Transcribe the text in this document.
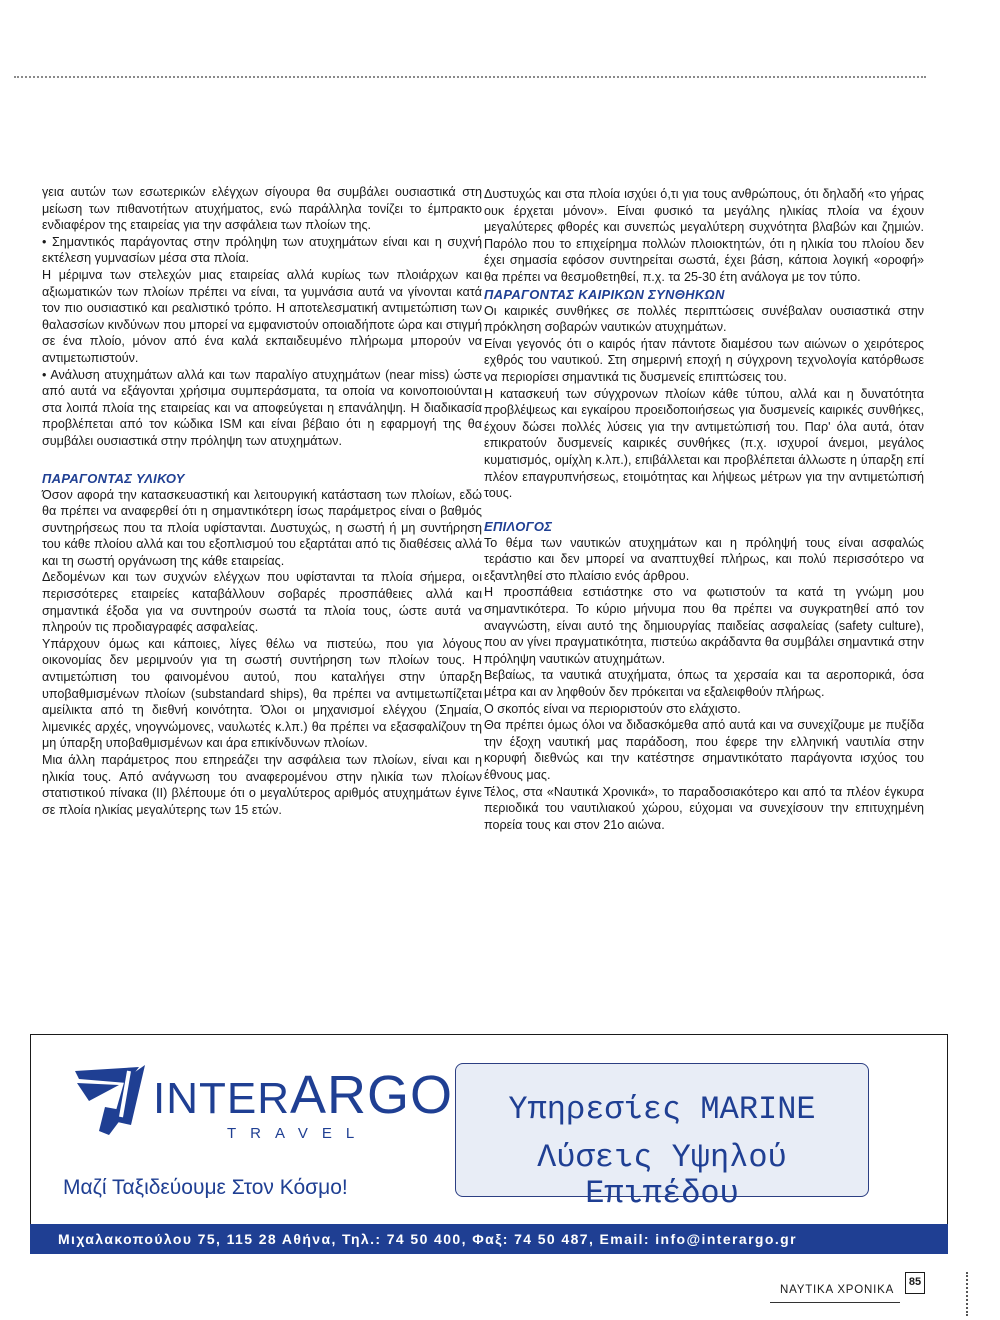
γεια αυτών των εσωτερικών ελέγχων σίγουρα θα συμβάλει ουσιαστικά στη μείωση των πιθανοτήτων ατυχήματος, ενώ παράλληλα τονίζει το έμπρακτο ενδιαφέρον της εταιρείας για την ασφάλεια των πλοίων της.

• Σημαντικός παράγοντας στην πρόληψη των ατυχημάτων είναι και η συχνή εκτέλεση γυμνασίων μέσα στα πλοία.

Η μέριμνα των στελεχών μιας εταιρείας αλλά κυρίως των πλοιάρχων και αξιωματικών των πλοίων πρέπει να είναι, τα γυμνάσια αυτά να γίνονται κατά τον πιο ουσιαστικό και ρεαλιστικό τρόπο. Η αποτελεσματική αντιμετώπιση των θαλασσίων κινδύνων που μπορεί να εμφανιστούν οποιαδήποτε ώρα και στιγμή σε ένα πλοίο, μόνον από ένα καλά εκπαιδευμένο πλήρωμα μπορούν να αντιμετωπιστούν.

• Ανάλυση ατυχημάτων αλλά και των παραλίγο ατυχημάτων (near miss) ώστε από αυτά να εξάγονται χρήσιμα συμπεράσματα, τα οποία να κοινοποιούνται στα λοιπά πλοία της εταιρείας και να αποφεύγεται η επανάληψη. Η διαδικασία προβλέπεται από τον κώδικα ISM και είναι βέβαιο ότι η εφαρμογή της θα συμβάλει ουσιαστικά στην πρόληψη των ατυχημάτων.

ΠΑΡΑΓΟΝΤΑΣ ΥΛΙΚΟΥ

Όσον αφορά την κατασκευαστική και λειτουργική κατάσταση των πλοίων, εδώ θα πρέπει να αναφερθεί ότι η σημαντικότερη ίσως παράμετρος είναι ο βαθμός συντηρήσεως που τα πλοία υφίστανται. Δυστυχώς, η σωστή ή μη συντήρηση του κάθε πλοίου αλλά και του εξοπλισμού του εξαρτάται από τις διαθέσεις αλλά και τη σωστή οργάνωση της κάθε εταιρείας.

Δεδομένων και των συχνών ελέγχων που υφίστανται τα πλοία σήμερα, οι περισσότερες εταιρείες καταβάλλουν σοβαρές προσπάθειες αλλά και σημαντικά έξοδα για να συντηρούν σωστά τα πλοία τους, ώστε αυτά να πληρούν τις προδιαγραφές ασφαλείας.

Υπάρχουν όμως και κάποιες, λίγες θέλω να πιστεύω, που για λόγους οικονομίας δεν μεριμνούν για τη σωστή συντήρηση των πλοίων τους. Η αντιμετώπιση του φαινομένου αυτού, που καταλήγει στην ύπαρξη υποβαθμισμένων πλοίων (substandard ships), θα πρέπει να αντιμετωπίζεται αμείλικτα από τη διεθνή κοινότητα. Όλοι οι μηχανισμοί ελέγχου (Σημαία, λιμενικές αρχές, νηογνώμονες, ναυλωτές κ.λπ.) θα πρέπει να εξασφαλίζουν τη μη ύπαρξη υποβαθμισμένων και άρα επικίνδυνων πλοίων.

Μια άλλη παράμετρος που επηρεάζει την ασφάλεια των πλοίων, είναι και η ηλικία τους. Από ανάγνωση του αναφερομένου στην ηλικία των πλοίων στατιστικού πίνακα (ΙΙ) βλέπουμε ότι ο μεγαλύτερος αριθμός ατυχημάτων έγινε σε πλοία ηλικίας μεγαλύτερης των 15 ετών.

Δυστυχώς και στα πλοία ισχύει ό,τι για τους ανθρώπους, ότι δηλαδή «το γήρας ουκ έρχεται μόνον». Είναι φυσικό τα μεγάλης ηλικίας πλοία να έχουν μεγαλύτερες φθορές και συνεπώς μεγαλύτερη συχνότητα βλαβών και ζημιών. Παρόλο που το επιχείρημα πολλών πλοιοκτητών, ότι η ηλικία του πλοίου δεν έχει σημασία εφόσον συντηρείται σωστά, έχει βάση, κάποια λογική «οροφή» θα πρέπει να θεσμοθετηθεί, π.χ. τα 25-30 έτη ανάλογα με τον τύπο.

ΠΑΡΑΓΟΝΤΑΣ ΚΑΙΡΙΚΩΝ ΣΥΝΘΗΚΩΝ

Οι καιρικές συνθήκες σε πολλές περιπτώσεις συνέβαλαν ουσιαστικά στην πρόκληση σοβαρών ναυτικών ατυχημάτων.

Είναι γεγονός ότι ο καιρός ήταν πάντοτε διαμέσου των αιώνων ο χειρότερος εχθρός του ναυτικού. Στη σημερινή εποχή η σύγχρονη τεχνολογία κατόρθωσε να περιορίσει σημαντικά τις δυσμενείς επιπτώσεις του.

Η κατασκευή των σύγχρονων πλοίων κάθε τύπου, αλλά και η δυνατότητα προβλέψεως και εγκαίρου προειδοποιήσεως για δυσμενείς καιρικές συνθήκες, έχουν δώσει πολλές λύσεις για την αντιμετώπισή του. Παρ' όλα αυτά, όταν επικρατούν δυσμενείς καιρικές συνθήκες (π.χ. ισχυροί άνεμοι, μεγάλος κυματισμός, ομίχλη κ.λπ.), επιβάλλεται και προβλέπεται άλλωστε η ύπαρξη επί πλέον επαγρυπνήσεως, ετοιμότητας και λήψεως μέτρων για την αντιμετώπισή τους.

ΕΠΙΛΟΓΟΣ

Το θέμα των ναυτικών ατυχημάτων και η πρόληψή τους είναι ασφαλώς τεράστιο και δεν μπορεί να αναπτυχθεί πλήρως, και πολύ περισσότερο να εξαντληθεί στο πλαίσιο ενός άρθρου.

Η προσπάθεια εστιάστηκε στο να φωτιστούν τα κατά τη γνώμη μου σημαντικότερα. Το κύριο μήνυμα που θα πρέπει να συγκρατηθεί από τον αναγνώστη, είναι αυτό της δημιουργίας παιδείας ασφαλείας (safety culture), που αν γίνει πραγματικότητα, πιστεύω ακράδαντα θα συμβάλει σημαντικά στην πρόληψη ναυτικών ατυχημάτων.

Βεβαίως, τα ναυτικά ατυχήματα, όπως τα χερσαία και τα αεροπορικά, όσα μέτρα και αν ληφθούν δεν πρόκειται να εξαλειφθούν πλήρως.

Ο σκοπός είναι να περιοριστούν στο ελάχιστο.

Θα πρέπει όμως όλοι να διδασκόμεθα από αυτά και να συνεχίζουμε με πυξίδα την έξοχη ναυτική μας παράδοση, που έφερε την ελληνική ναυτιλία στην κορυφή διεθνώς και την κατέστησε σημαντικότατο παράγοντα ισχύος του έθνους μας.

Τέλος, στα «Ναυτικά Χρονικά», το παραδοσιακότερο και από τα πλέον έγκυρα περιοδικά του ναυτιλιακού χώρου, εύχομαι να συνεχίσουν την επιτυχημένη πορεία τους και στον 21ο αιώνα.

INTERARGO
TRAVEL
Μαζί Ταξιδεύουμε Στον Κόσμο!
Υπηρεσίες MARINE
Λύσεις Υψηλού Επιπέδου
Μιχαλακοπούλου 75, 115 28 Αθήνα, Τηλ.: 74 50 400, Φαξ: 74 50 487, Email: info@interargo.gr
ΝΑΥΤΙΚΑ ΧΡΟΝΙΚΑ
85
